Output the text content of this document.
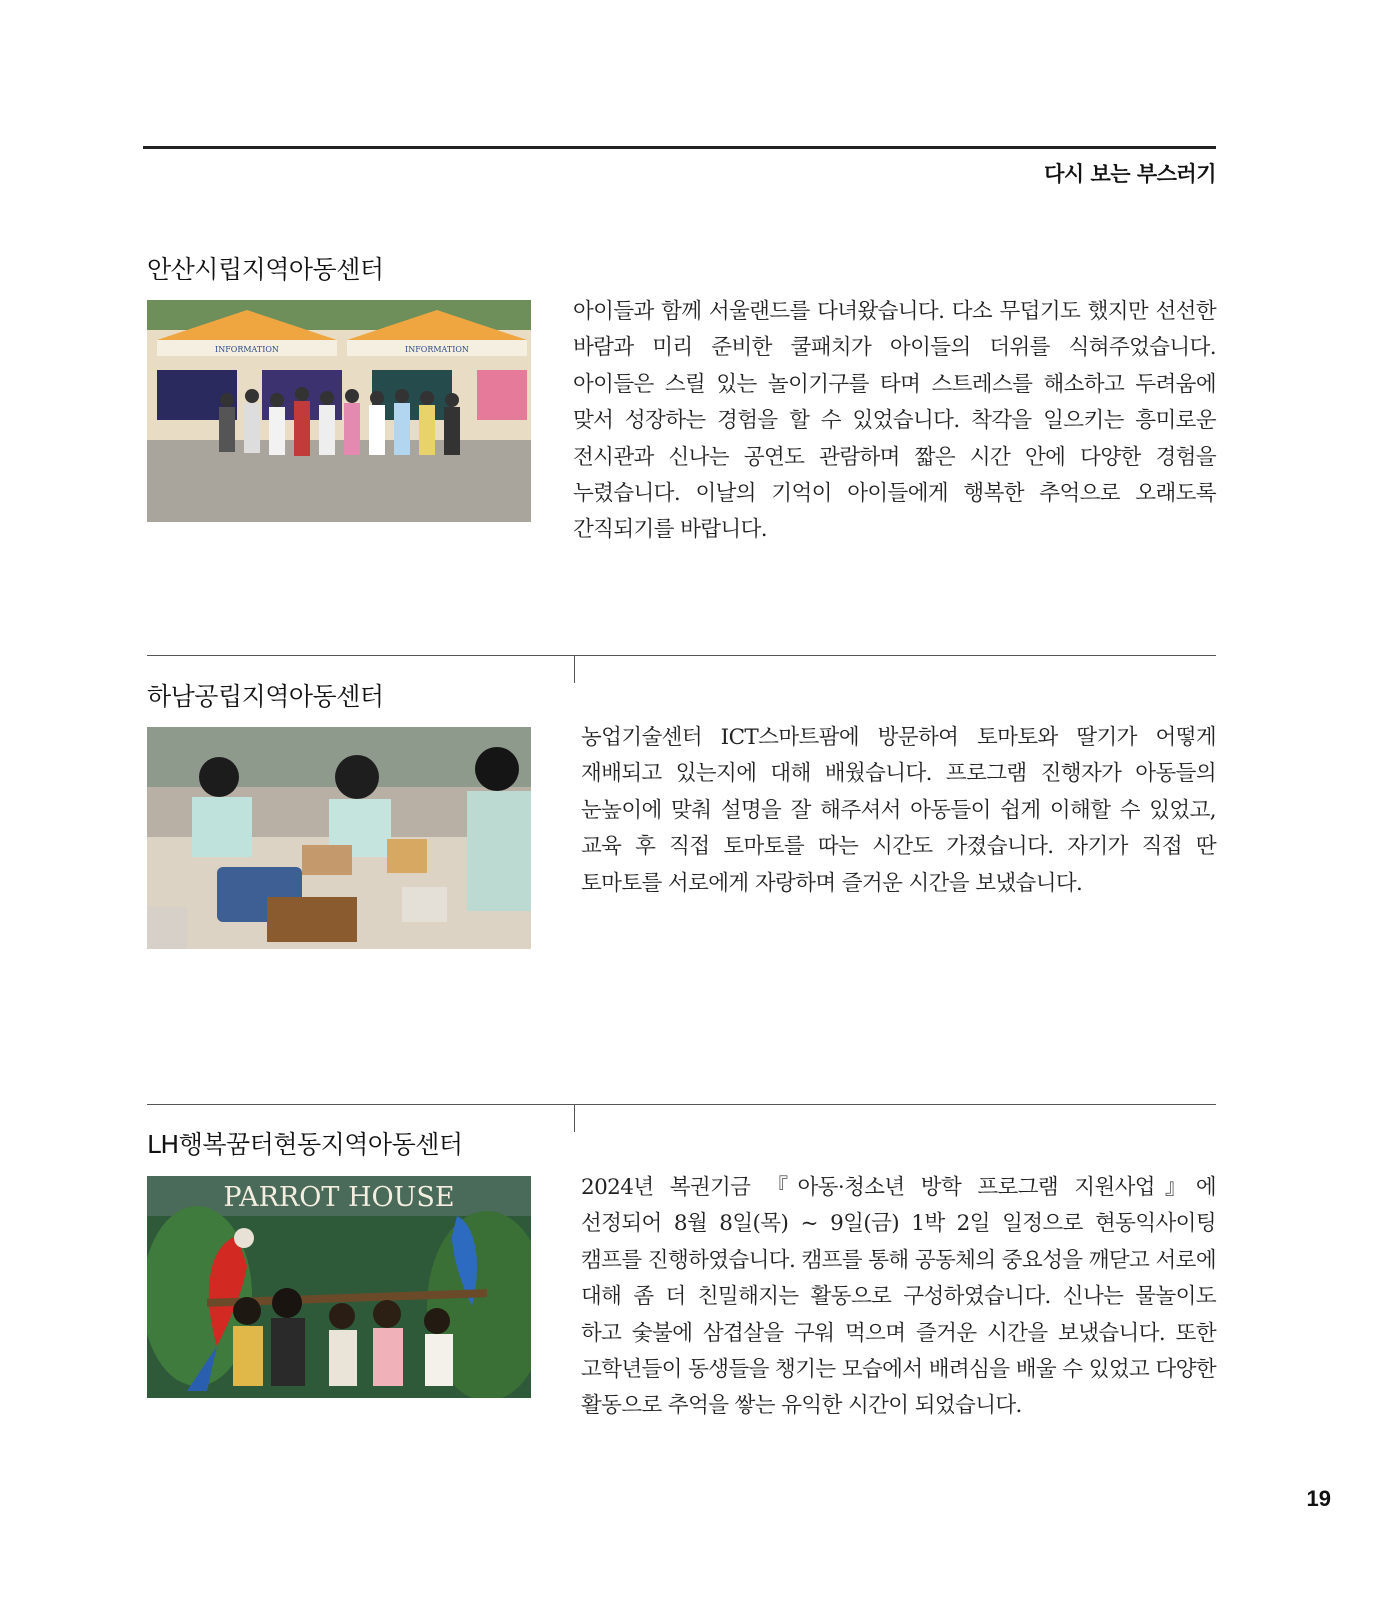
다시 보는 부스러기
안산시립지역아동센터
INFORMATION	INFORMATION
아이들과 함께 서울랜드를 다녀왔습니다. 다소 무덥기도 했지만 선선한 바람과 미리 준비한 쿨패치가 아이들의 더위를 식혀주었습니다. 아이들은 스릴 있는 놀이기구를 타며 스트레스를 해소하고 두려움에 맞서 성장하는 경험을 할 수 있었습니다. 착각을 일으키는 흥미로운 전시관과 신나는 공연도 관람하며 짧은 시간 안에 다양한 경험을 누렸습니다. 이날의 기억이 아이들에게 행복한 추억으로 오래도록 간직되기를 바랍니다.
하남공립지역아동센터
농업기술센터 ICT스마트팜에 방문하여 토마토와 딸기가 어떻게 재배되고 있는지에 대해 배웠습니다. 프로그램 진행자가 아동들의 눈높이에 맞춰 설명을 잘 해주셔서 아동들이 쉽게 이해할 수 있었고, 교육 후 직접 토마토를 따는 시간도 가졌습니다. 자기가 직접 딴 토마토를 서로에게 자랑하며 즐거운 시간을 보냈습니다.
LH행복꿈터현동지역아동센터
PARROT HOUSE	2024년 복권기금 『아동·청소년 방학 프로그램 지원사업』에 선정되어 8월 8일(목) ~ 9일(금) 1박 2일 일정으로 현동익사이팅 캠프를 진행하였습니다. 캠프를 통해 공동체의 중요성을 깨닫고 서로에 대해 좀 더 친밀해지는 활동으로 구성하였습니다. 신나는 물놀이도 하고 숯불에 삼겹살을 구워 먹으며 즐거운 시간을 보냈습니다. 또한 고학년들이 동생들을 챙기는 모습에서 배려심을 배울 수 있었고 다양한 활동으로 추억을 쌓는 유익한 시간이 되었습니다.
19
